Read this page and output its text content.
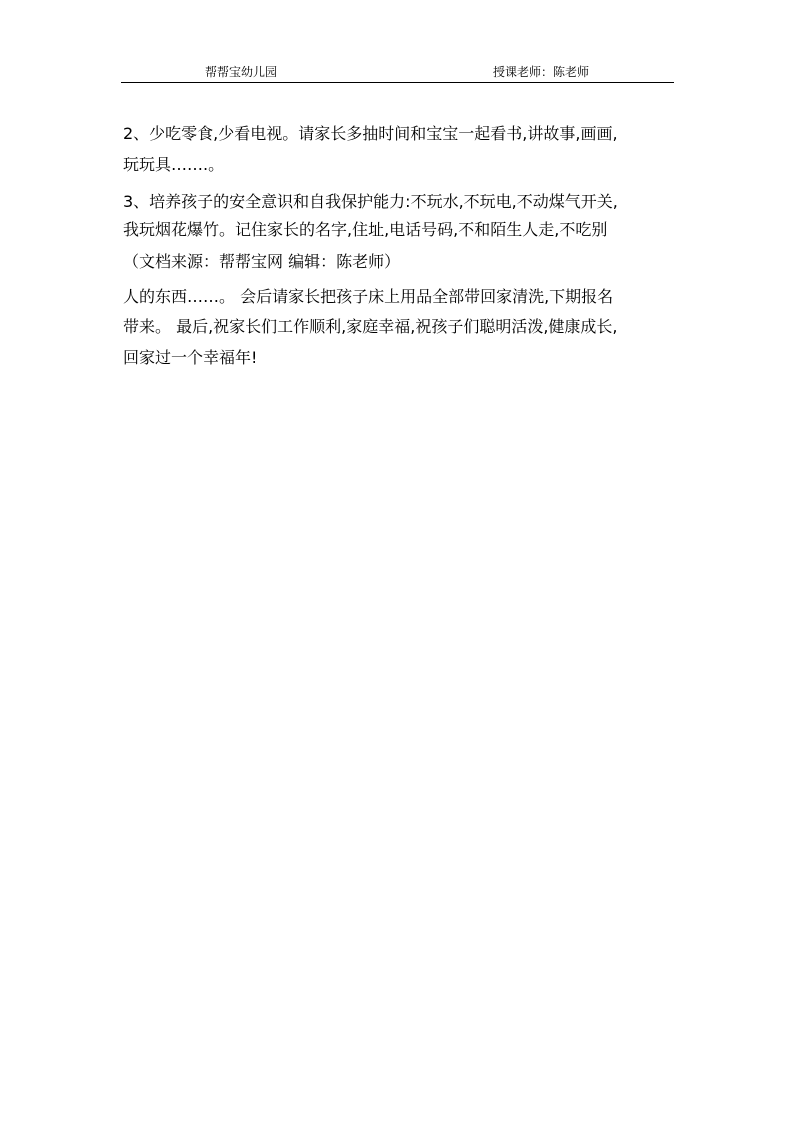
帮帮宝幼儿园	授课老师：陈老师
2、少吃零食,少看电视。请家长多抽时间和宝宝一起看书,讲故事,画画,
玩玩具…….。
3、培养孩子的安全意识和自我保护能力:不玩水,不玩电,不动煤气开关,
我玩烟花爆竹。记住家长的名字,住址,电话号码,不和陌生人走,不吃别
（文档来源：帮帮宝网 编辑：陈老师）
人的东西……。 会后请家长把孩子床上用品全部带回家清洗,下期报名
带来。 最后,祝家长们工作顺利,家庭幸福,祝孩子们聪明活泼,健康成长,
回家过一个幸福年!
